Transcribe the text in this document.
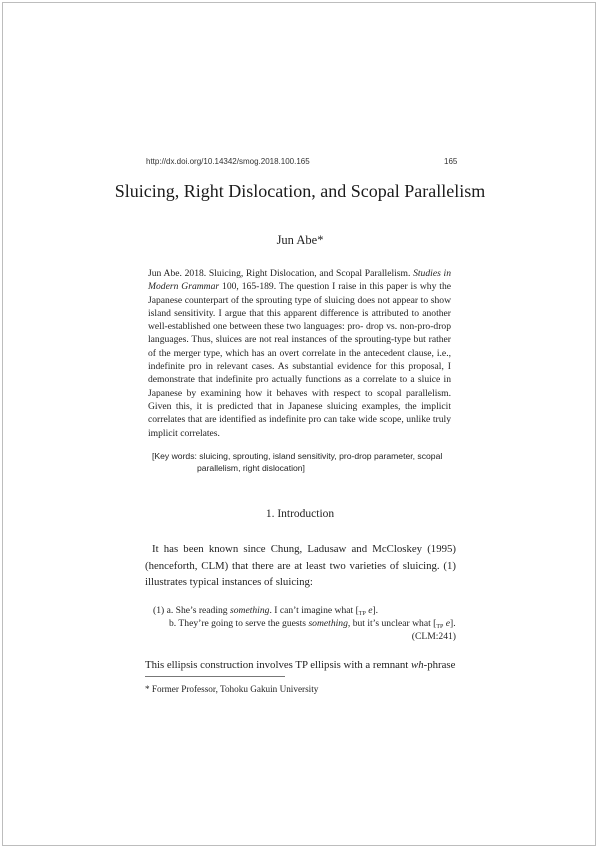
http://dx.doi.org/10.14342/smog.2018.100.165	165
Sluicing, Right Dislocation, and Scopal Parallelism
Jun Abe*
Jun Abe. 2018. Sluicing, Right Dislocation, and Scopal Parallelism. Studies in Modern Grammar 100, 165-189. The question I raise in this paper is why the Japanese counterpart of the sprouting type of sluicing does not appear to show island sensitivity. I argue that this apparent difference is attributed to another well-established one between these two languages: pro- drop vs. non-pro-drop languages. Thus, sluices are not real instances of the sprouting-type but rather of the merger type, which has an overt correlate in the antecedent clause, i.e., indefinite pro in relevant cases. As substantial evidence for this proposal, I demonstrate that indefinite pro actually functions as a correlate to a sluice in Japanese by examining how it behaves with respect to scopal parallelism. Given this, it is predicted that in Japanese sluicing examples, the implicit correlates that are identified as indefinite pro can take wide scope, unlike truly implicit correlates.
[Key words: sluicing, sprouting, island sensitivity, pro-drop parameter, scopal
parallelism, right dislocation]
1. Introduction
It has been known since Chung, Ladusaw and McCloskey (1995) (henceforth, CLM) that there are at least two varieties of sluicing. (1) illustrates typical instances of sluicing:
(1) a. She’s reading something. I can’t imagine what [$_{TP}$ e].
b. They’re going to serve the guests something, but it’s unclear what [$_{TP}$ e].
(CLM:241)
This ellipsis construction involves TP ellipsis with a remnant wh-phrase
* Former Professor, Tohoku Gakuin University
